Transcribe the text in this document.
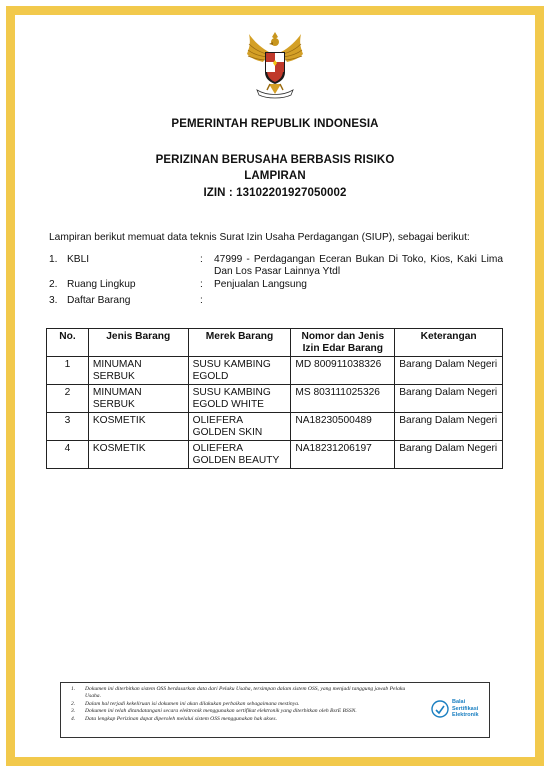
PEMERINTAH REPUBLIK INDONESIA
PERIZINAN BERUSAHA BERBASIS RISIKO
LAMPIRAN
IZIN : 13102201927050002
Lampiran berikut memuat data teknis Surat Izin Usaha Perdagangan (SIUP), sebagai berikut:
1. KBLI	:	47999 - Perdagangan Eceran Bukan Di Toko, Kios, Kaki Lima Dan Los Pasar Lainnya Ytdl
2. Ruang Lingkup	:	Penjualan Langsung
3. Daftar Barang	:
No.	Jenis Barang	Merek Barang	Nomor dan Jenis Izin Edar Barang	Keterangan
1	MINUMAN SERBUK	SUSU KAMBING EGOLD	MD 800911038326	Barang Dalam Negeri
2	MINUMAN SERBUK	SUSU KAMBING EGOLD WHITE	MS 803111025326	Barang Dalam Negeri
3	KOSMETIK	OLIEFERA GOLDEN SKIN	NA18230500489	Barang Dalam Negeri
4	KOSMETIK	OLIEFERA GOLDEN BEAUTY	NA18231206197	Barang Dalam Negeri
1.	Dokumen ini diterbitkan sistem OSS berdasarkan data dari Pelaku Usaha, tersimpan dalam sistem OSS, yang menjadi tanggung jawab Pelaku Usaha.
2.	Dalam hal terjadi kekeliruan isi dokumen ini akan dilakukan perbaikan sebagaimana mestinya.
3.	Dokumen ini telah ditandatangani secara elektronik menggunakan sertifikat elektronik yang diterbitkan oleh BsrE BSSN.
4.	Data lengkap Perizinan dapat diperoleh melalui sistem OSS menggunakan hak akses.
Balai
Sertifikasi
Elektronik
